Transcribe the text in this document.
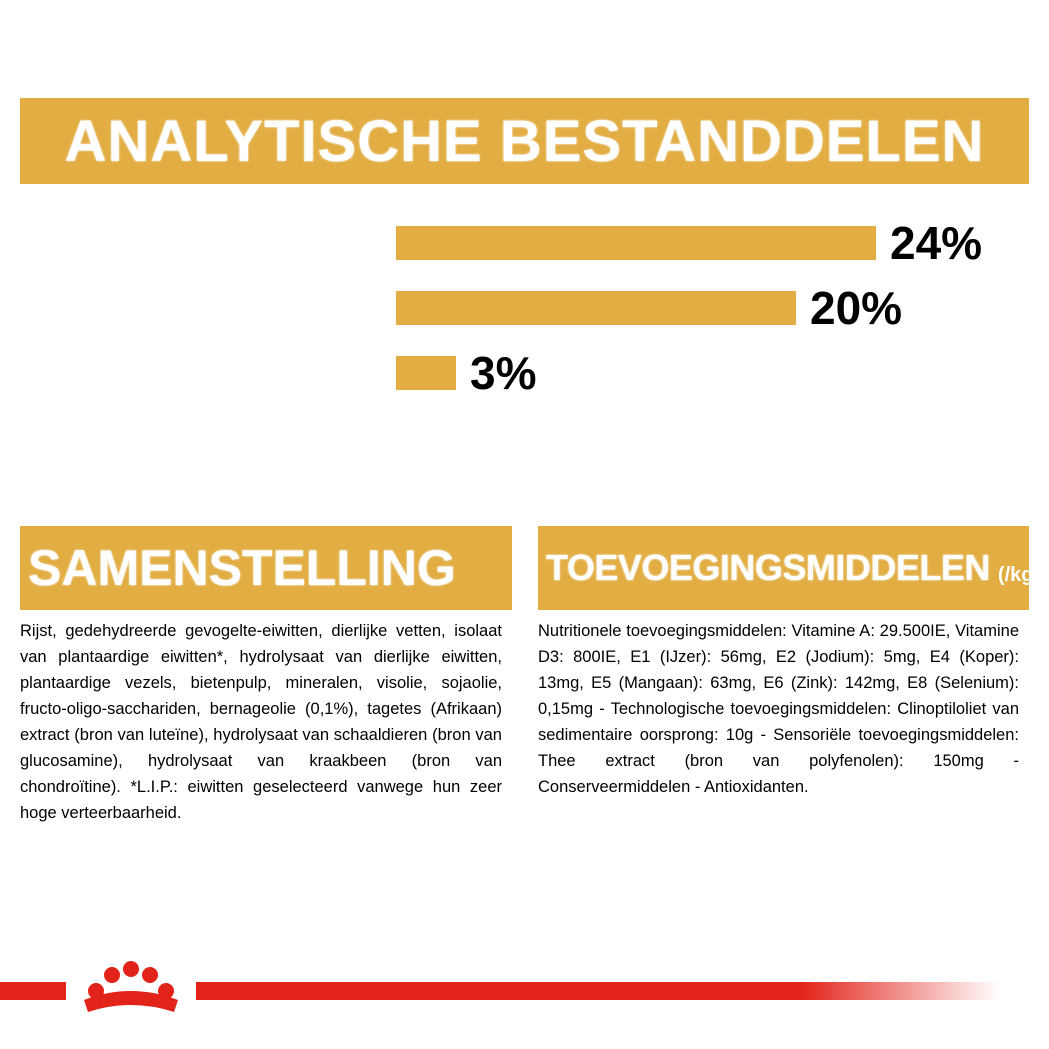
ANALYTISCHE BESTANDDELEN
24%
20%
3%
SAMENSTELLING	TOEVOEGINGSMIDDELEN (/kg)

Rijst, gedehydreerde gevogelte-eiwitten, dierlijke vetten, isolaat van plantaardige eiwitten*, hydrolysaat van dierlijke eiwitten, plantaardige vezels, bietenpulp, mineralen, visolie, sojaolie, fructo-oligo-sacchariden, bernageolie (0,1%), tagetes (Afrikaan) extract (bron van luteïne), hydrolysaat van schaaldieren (bron van glucosamine), hydrolysaat van kraakbeen (bron van chondroïtine). *L.I.P.: eiwitten geselecteerd vanwege hun zeer hoge verteerbaarheid.

Nutritionele toevoegingsmiddelen: Vitamine A: 29.500IE, Vitamine D3: 800IE, E1 (IJzer): 56mg, E2 (Jodium): 5mg, E4 (Koper): 13mg, E5 (Mangaan): 63mg, E6 (Zink): 142mg, E8 (Selenium): 0,15mg - Technologische toevoegingsmiddelen: Clinoptiloliet van sedimentaire oorsprong: 10g - Sensoriële toevoegingsmiddelen: Thee extract (bron van polyfenolen): 150mg - Conserveermiddelen - Antioxidanten.
